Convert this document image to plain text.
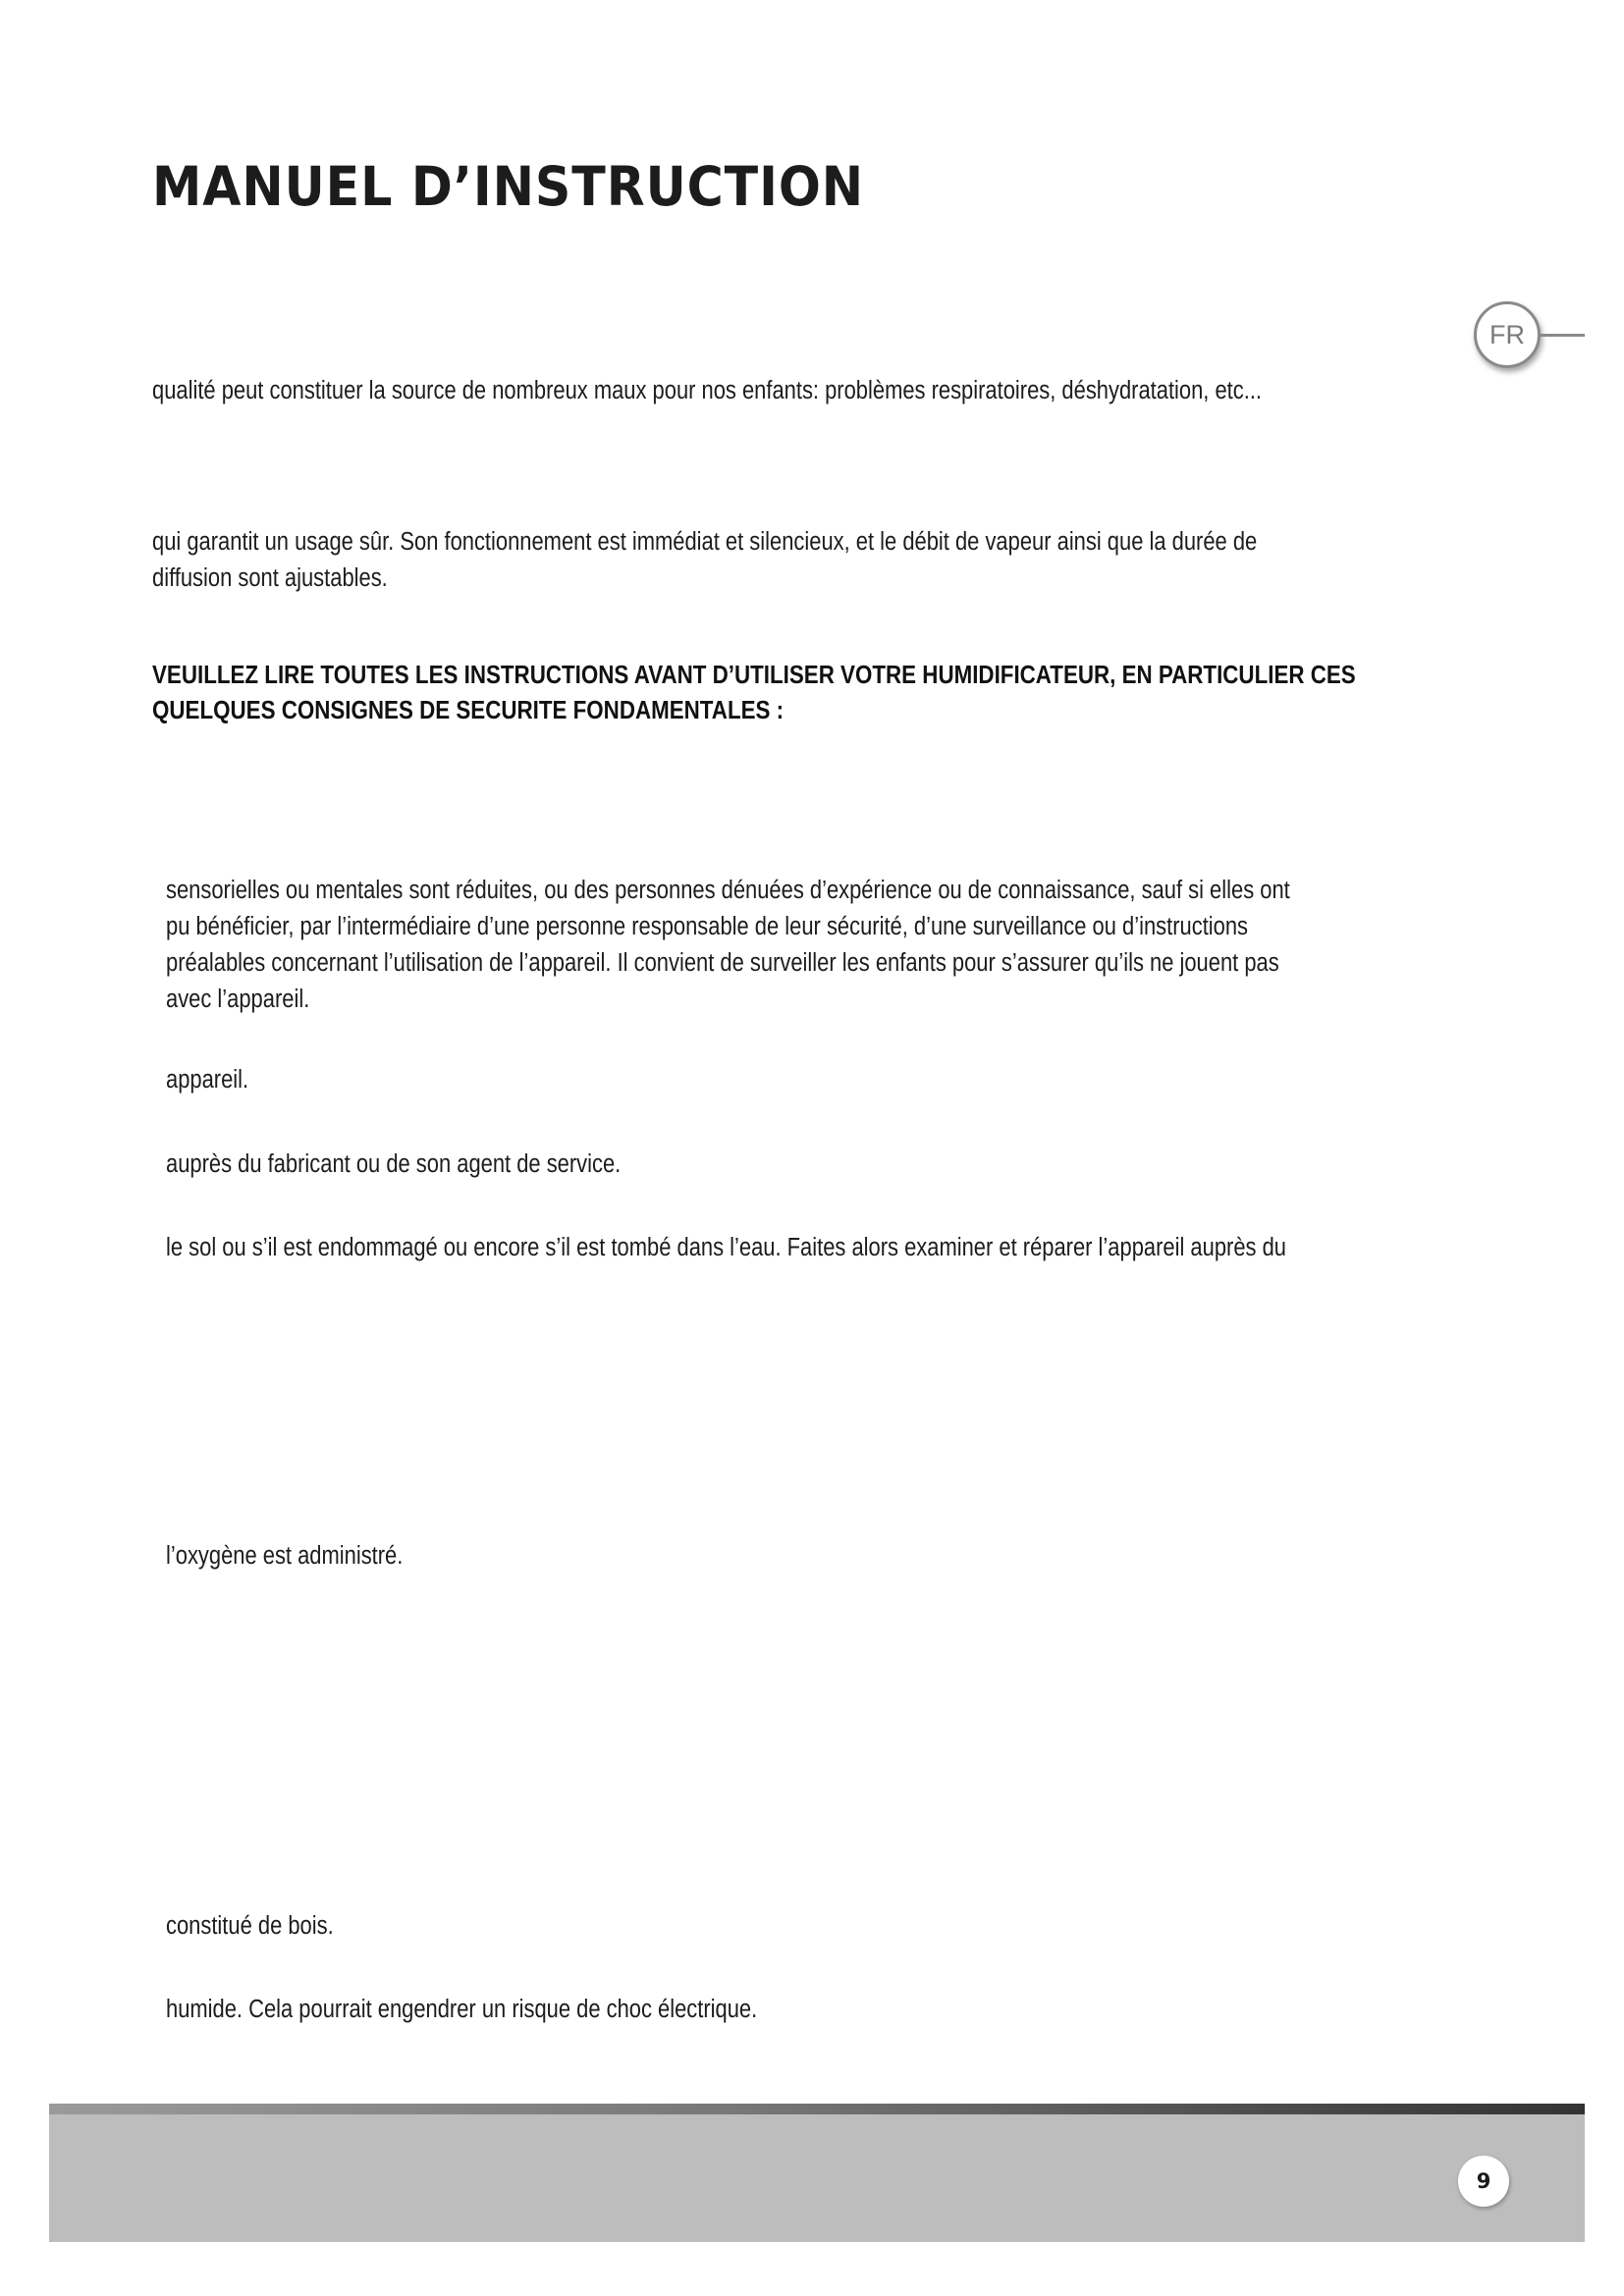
MANUEL D’INSTRUCTION
FR

qualité peut constituer la source de nombreux maux pour nos enfants: problèmes respiratoires, déshydratation, etc...

qui garantit un usage sûr. Son fonctionnement est immédiat et silencieux, et le débit de vapeur ainsi que la durée de
diffusion sont ajustables.

VEUILLEZ LIRE TOUTES LES INSTRUCTIONS AVANT D’UTILISER VOTRE HUMIDIFICATEUR, EN PARTICULIER CES
QUELQUES CONSIGNES DE SECURITE FONDAMENTALES :

sensorielles ou mentales sont réduites, ou des personnes dénuées d’expérience ou de connaissance, sauf si elles ont
pu bénéficier, par l’intermédiaire d’une personne responsable de leur sécurité, d’une surveillance ou d’instructions
préalables concernant l’utilisation de l’appareil. Il convient de surveiller les enfants pour s’assurer qu’ils ne jouent pas
avec l’appareil.

appareil.

auprès du fabricant ou de son agent de service.

le sol ou s’il est endommagé ou encore s’il est tombé dans l’eau. Faites alors examiner et réparer l’appareil auprès du

l’oxygène est administré.

constitué de bois.

humide. Cela pourrait engendrer un risque de choc électrique.

9
